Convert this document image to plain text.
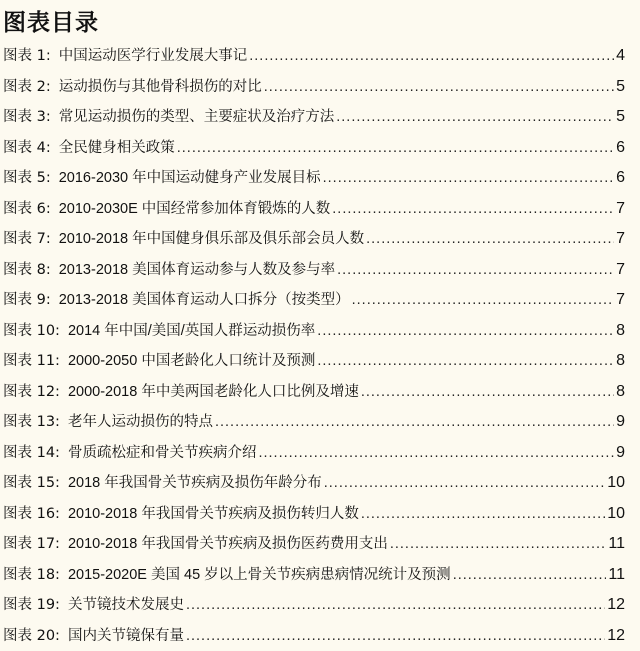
图表目录
图表 1: 中国运动医学行业发展大事记 .....	4
图表 2: 运动损伤与其他骨科损伤的对比 .....	5
图表 3: 常见运动损伤的类型、主要症状及治疗方法 .....	5
图表 4: 全民健身相关政策 .....	6
图表 5: 2016-2030 年中国运动健身产业发展目标 .....	6
图表 6: 2010-2030E 中国经常参加体育锻炼的人数 .....	7
图表 7: 2010-2018 年中国健身俱乐部及俱乐部会员人数 .....	7
图表 8: 2013-2018 美国体育运动参与人数及参与率 .....	7
图表 9: 2013-2018 美国体育运动人口拆分（按类型） .....	7
图表 10: 2014 年中国/美国/英国人群运动损伤率 .....	8
图表 11: 2000-2050 中国老龄化人口统计及预测 .....	8
图表 12: 2000-2018 年中美两国老龄化人口比例及增速 .....	8
图表 13: 老年人运动损伤的特点 .....	9
图表 14: 骨质疏松症和骨关节疾病介绍 .....	9
图表 15: 2018 年我国骨关节疾病及损伤年龄分布 .....	10
图表 16: 2010-2018 年我国骨关节疾病及损伤转归人数 .....	10
图表 17: 2010-2018 年我国骨关节疾病及损伤医药费用支出 .....	11
图表 18: 2015-2020E 美国 45 岁以上骨关节疾病患病情况统计及预测 .....	11
图表 19: 关节镜技术发展史 .....	12
图表 20: 国内关节镜保有量 .....	12
